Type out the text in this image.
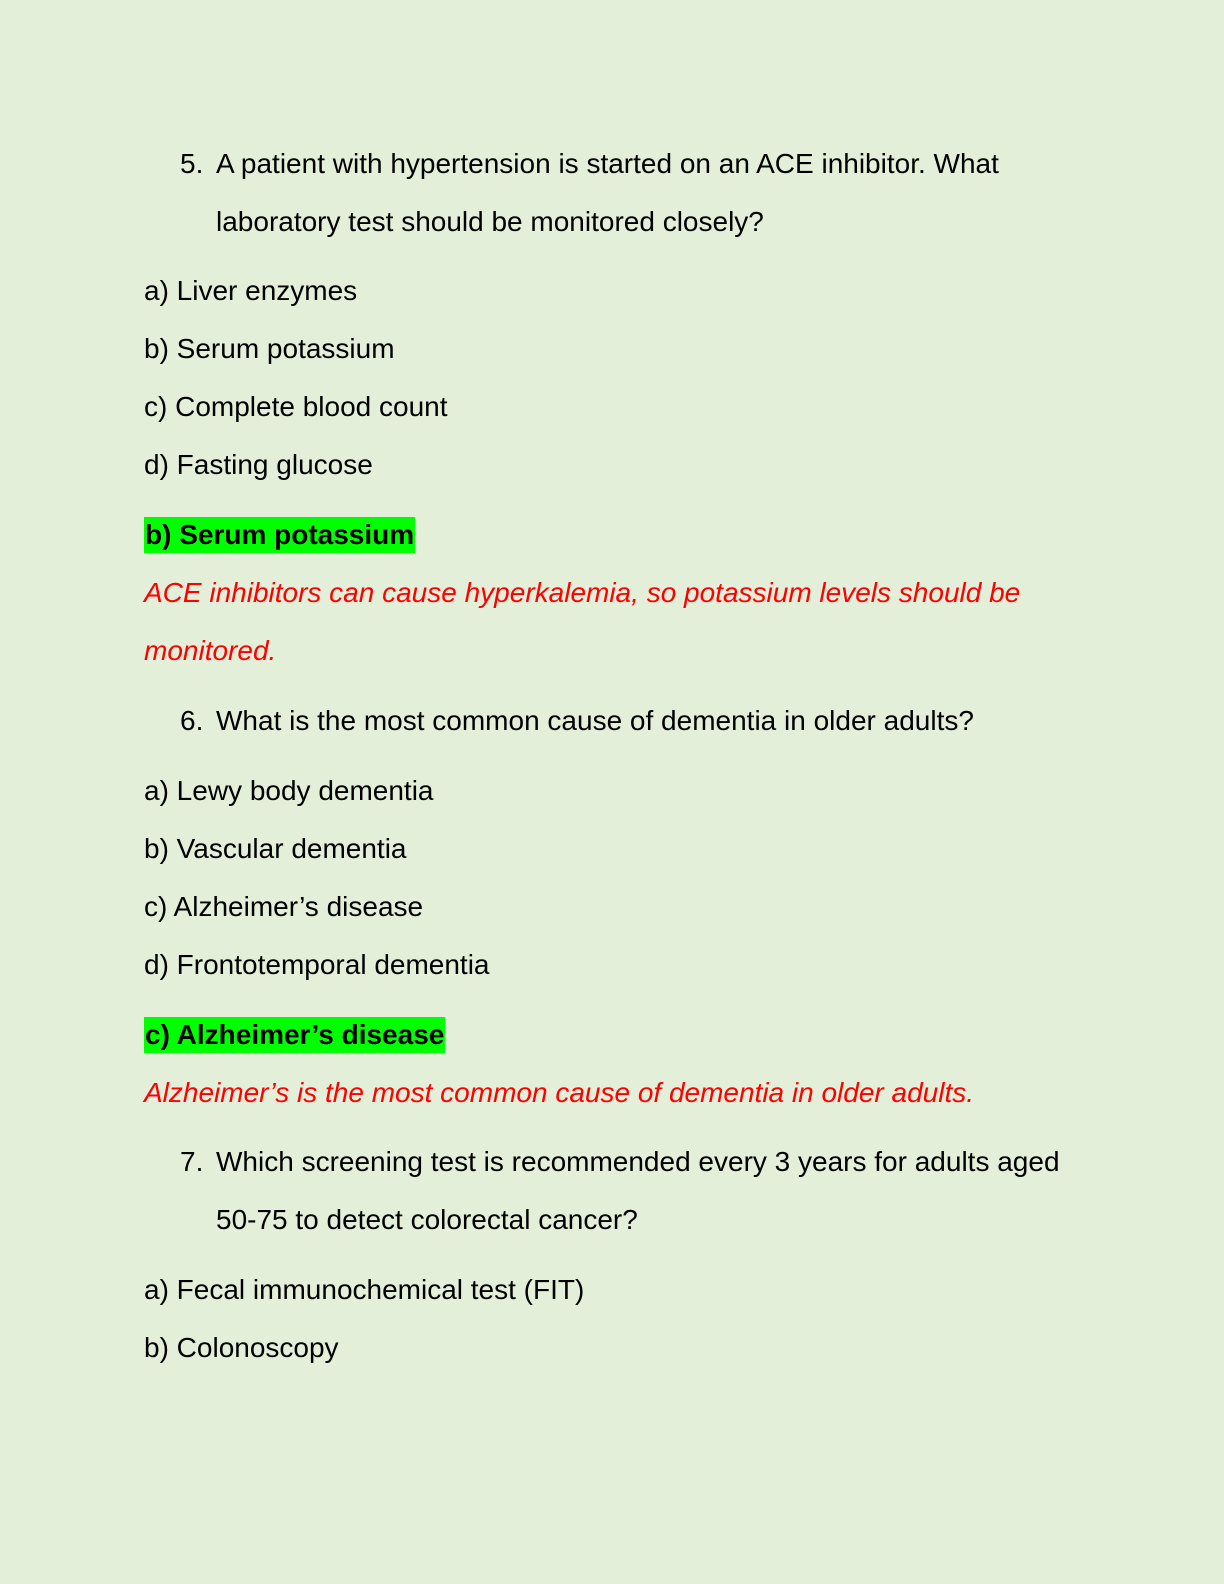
5. A patient with hypertension is started on an ACE inhibitor. What laboratory test should be monitored closely?
a) Liver enzymes
b) Serum potassium
c) Complete blood count
d) Fasting glucose
b) Serum potassium
ACE inhibitors can cause hyperkalemia, so potassium levels should be monitored.
6. What is the most common cause of dementia in older adults?
a) Lewy body dementia
b) Vascular dementia
c) Alzheimer’s disease
d) Frontotemporal dementia
c) Alzheimer’s disease
Alzheimer’s is the most common cause of dementia in older adults.
7. Which screening test is recommended every 3 years for adults aged 50-75 to detect colorectal cancer?
a) Fecal immunochemical test (FIT)
b) Colonoscopy
